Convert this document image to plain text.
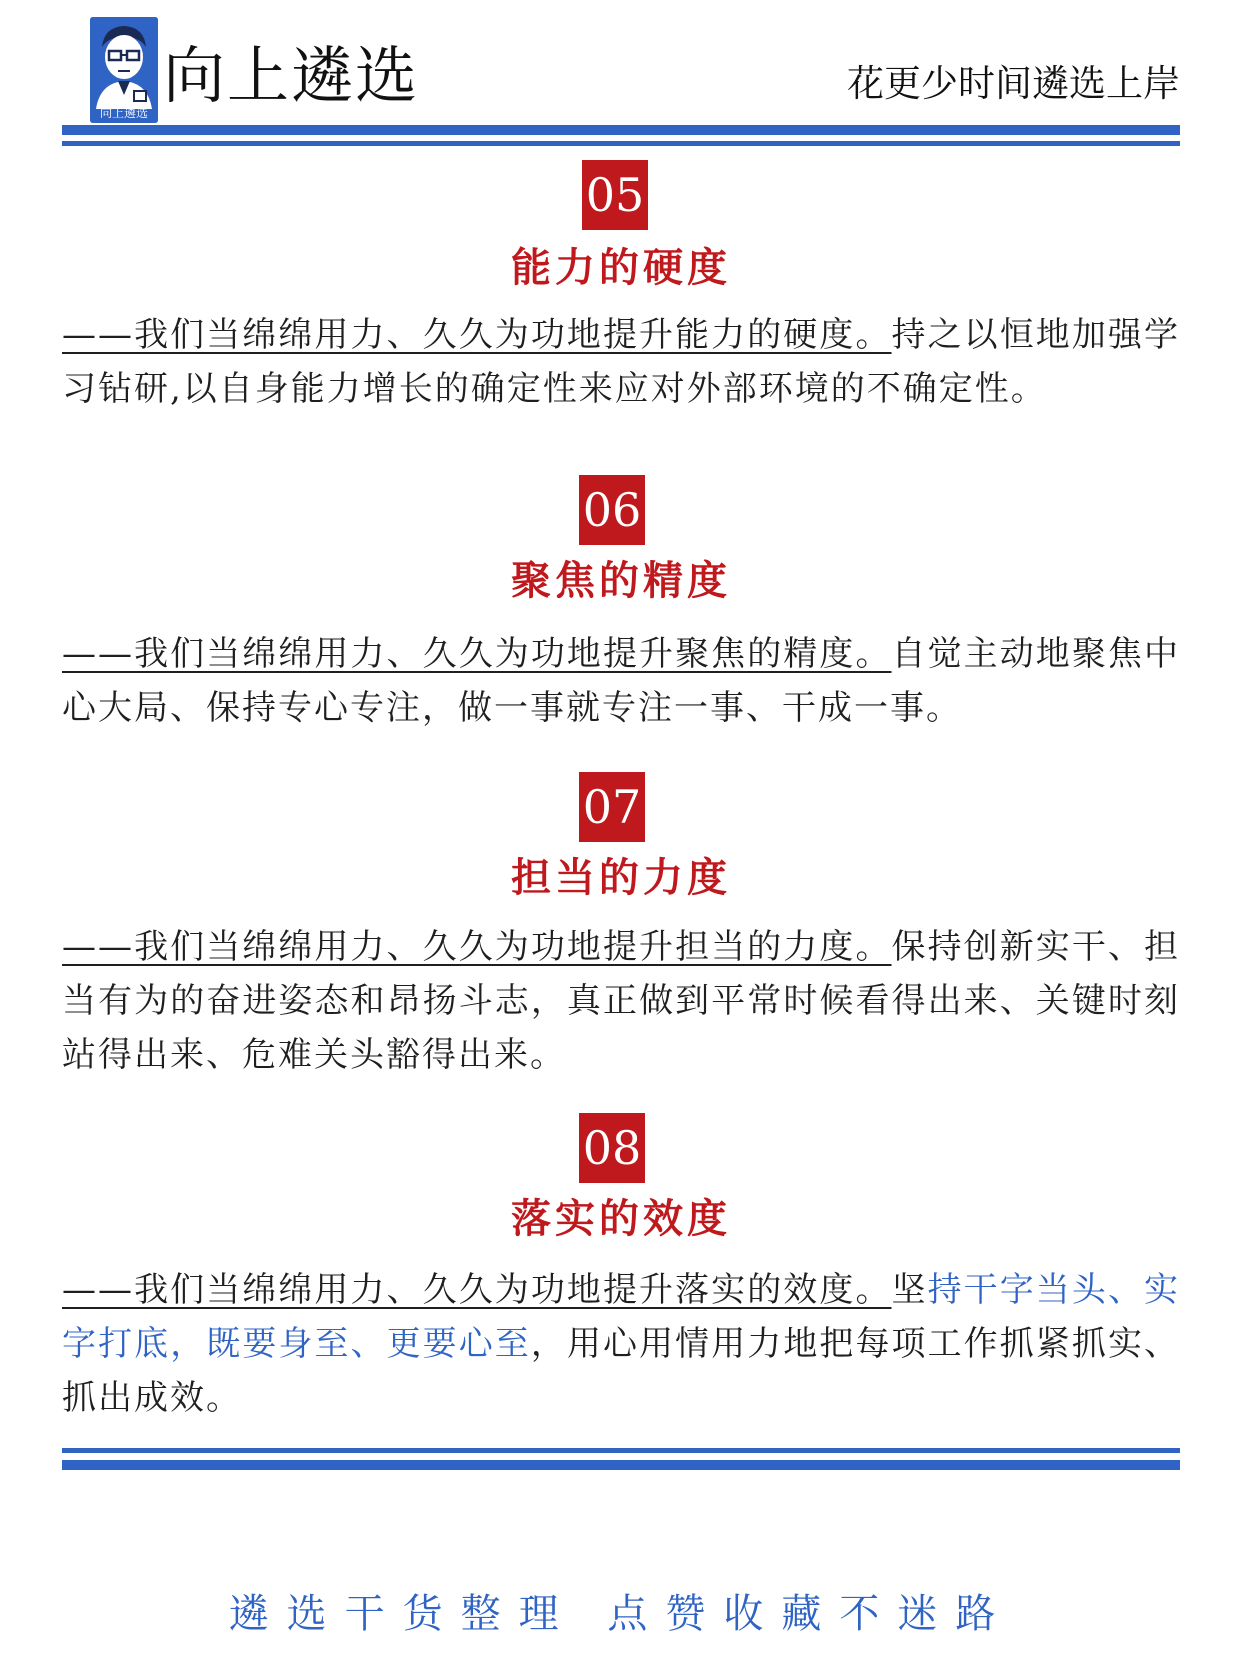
向上遴选
向上遴选	花更少时间遴选上岸
05
能力的硬度

——我们当绵绵用力、久久为功地提升能力的硬度。持之以恒地加强学习钻研,以自身能力增长的确定性来应对外部环境的不确定性。

06
聚焦的精度

——我们当绵绵用力、久久为功地提升聚焦的精度。自觉主动地聚焦中心大局、保持专心专注，做一事就专注一事、干成一事。

07
担当的力度

——我们当绵绵用力、久久为功地提升担当的力度。保持创新实干、担当有为的奋进姿态和昂扬斗志，真正做到平常时候看得出来、关键时刻站得出来、危难关头豁得出来。

08
落实的效度

——我们当绵绵用力、久久为功地提升落实的效度。坚持干字当头、实字打底，既要身至、更要心至，用心用情用力地把每项工作抓紧抓实、抓出成效。

遴选干货整理 点赞收藏不迷路
